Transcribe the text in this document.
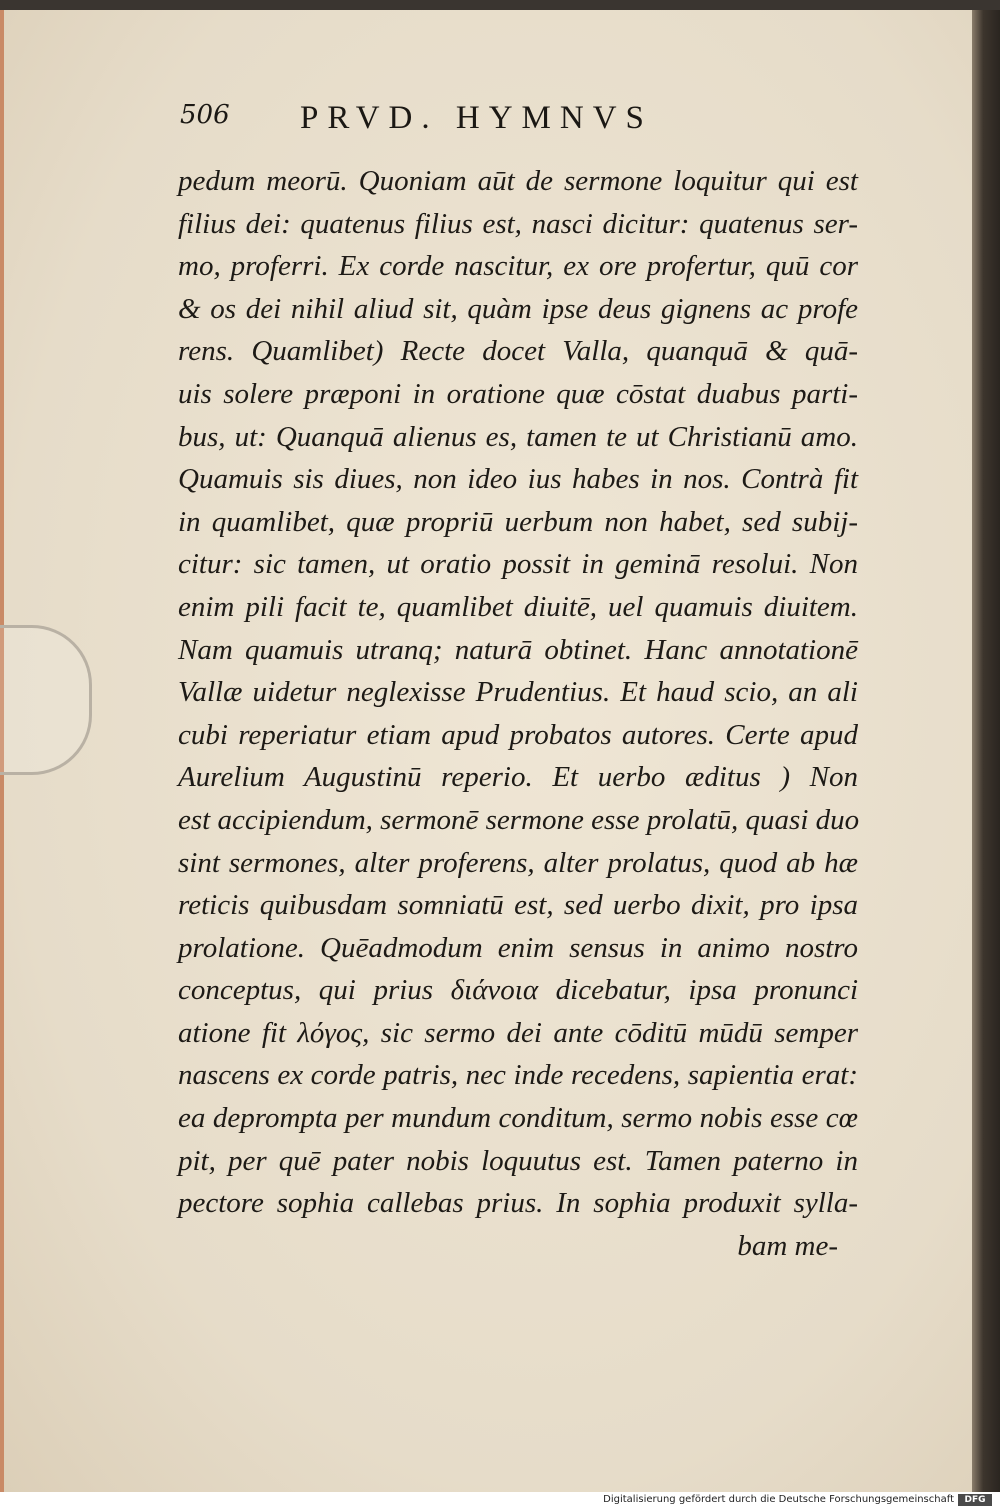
506 PRVD. HYMNVS
pedum meorū. Quoniam aūt de sermone loquitur qui est
filius dei: quatenus filius est, nasci dicitur: quatenus ser-
mo, proferri. Ex corde nascitur, ex ore profertur, quū cor
& os dei nihil aliud sit, quàm ipse deus gignens ac profe
rens. Quamlibet) Recte docet Valla, quanquā & quā-
uis solere præponi in oratione quæ cōstat duabus parti-
bus, ut: Quanquā alienus es, tamen te ut Christianū amo.
Quamuis sis diues, non ideo ius habes in nos. Contrà fit
in quamlibet, quæ propriū uerbum non habet, sed subij-
citur: sic tamen, ut oratio possit in geminā resolui. Non
enim pili facit te, quamlibet diuitē, uel quamuis diuitem.
Nam quamuis utranq; naturā obtinet. Hanc annotationē
Vallæ uidetur neglexisse Prudentius. Et haud scio, an ali
cubi reperiatur etiam apud probatos autores. Certe apud
Aurelium Augustinū reperio. Et uerbo æditus ) Non
est accipiendum, sermonē sermone esse prolatū, quasi duo
sint sermones, alter proferens, alter prolatus, quod ab hæ
reticis quibusdam somniatū est, sed uerbo dixit, pro ipsa
prolatione. Quēadmodum enim sensus in animo nostro
conceptus, qui prius διάνοια dicebatur, ipsa pronunci
atione fit λόγος, sic sermo dei ante cōditū mūdū semper
nascens ex corde patris, nec inde recedens, sapientia erat:
ea deprompta per mundum conditum, sermo nobis esse cœ
pit, per quē pater nobis loquutus est. Tamen paterno in
pectore sophia callebas prius. In sophia produxit sylla-
bam me-
Digitalisierung gefördert durch die Deutsche Forschungsgemeinschaft	DFG
